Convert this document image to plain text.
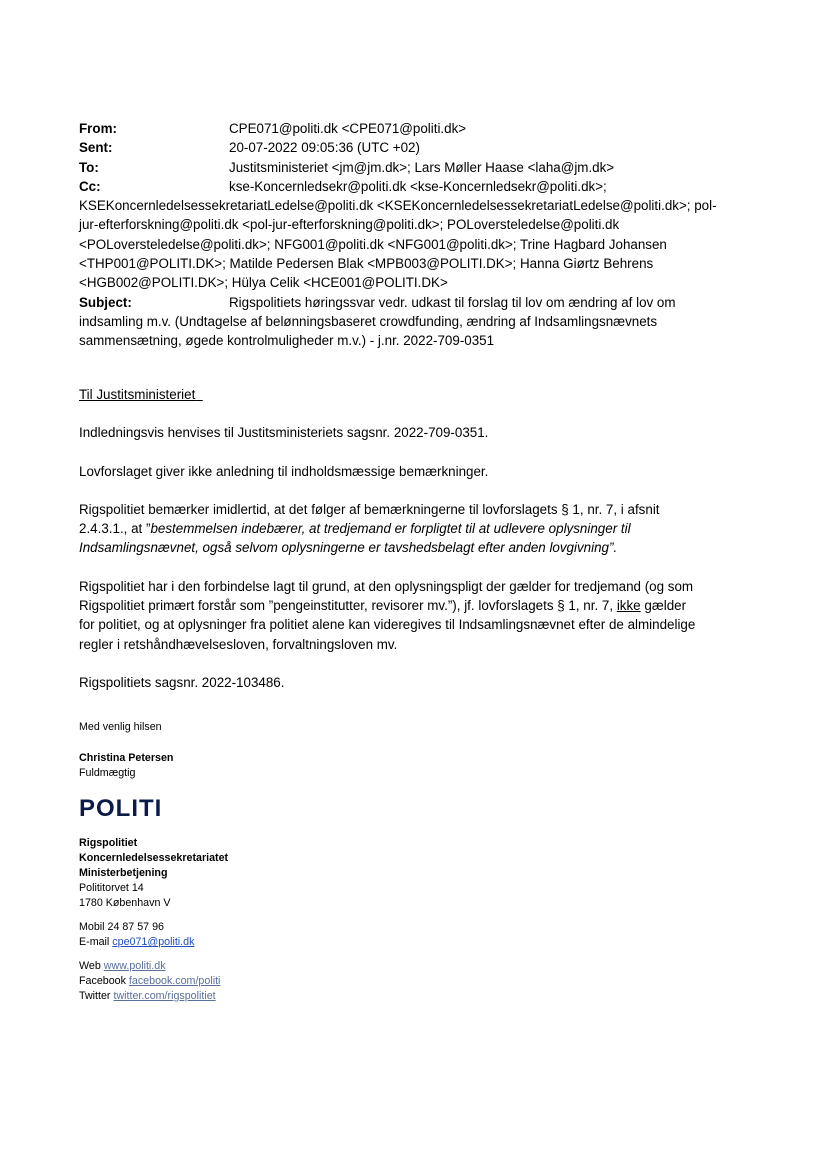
From:	CPE071@politi.dk <CPE071@politi.dk>
Sent:	20-07-2022 09:05:36 (UTC +02)
To:	Justitsministeriet <jm@jm.dk>; Lars Møller Haase <laha@jm.dk>
Cc:	kse-Koncernledsekr@politi.dk <kse-Koncernledsekr@politi.dk>;
KSEKoncernledelsessekretariatLedelse@politi.dk <KSEKoncernledelsessekretariatLedelse@politi.dk>; pol-
jur-efterforskning@politi.dk <pol-jur-efterforskning@politi.dk>; POLoversteledelse@politi.dk
<POLoversteledelse@politi.dk>; NFG001@politi.dk <NFG001@politi.dk>; Trine Hagbard Johansen
<THP001@POLITI.DK>; Matilde Pedersen Blak <MPB003@POLITI.DK>; Hanna Giørtz Behrens
<HGB002@POLITI.DK>; Hülya Celik <HCE001@POLITI.DK>
Subject:	Rigspolitiets høringssvar vedr. udkast til forslag til lov om ændring af lov om
indsamling m.v. (Undtagelse af belønningsbaseret crowdfunding, ændring af Indsamlingsnævnets
sammensætning, øgede kontrolmuligheder m.v.) - j.nr. 2022-709-0351

Til Justitsministeriet

Indledningsvis henvises til Justitsministeriets sagsnr. 2022-709-0351.

Lovforslaget giver ikke anledning til indholdsmæssige bemærkninger.

Rigspolitiet bemærker imidlertid, at det følger af bemærkningerne til lovforslagets § 1, nr. 7, i afsnit

2.4.3.1., at ”bestemmelsen indebærer, at tredjemand er forpligtet til at udlevere oplysninger til

Indsamlingsnævnet, også selvom oplysningerne er tavshedsbelagt efter anden lovgivning”.

Rigspolitiet har i den forbindelse lagt til grund, at den oplysningspligt der gælder for tredjemand (og som

Rigspolitiet primært forstår som ”pengeinstitutter, revisorer mv.”), jf. lovforslagets § 1, nr. 7, ikke gælder

for politiet, og at oplysninger fra politiet alene kan videregives til Indsamlingsnævnet efter de almindelige

regler i retshåndhævelsesloven, forvaltningsloven mv.

Rigspolitiets sagsnr. 2022-103486.

Med venlig hilsen
Christina Petersen
Fuldmægtig
POLITI
Rigspolitiet
Koncernledelsessekretariatet
Ministerbetjening
Polititorvet 14
1780 København V
Mobil 24 87 57 96
E-mail cpe071@politi.dk
Web www.politi.dk
Facebook facebook.com/politi
Twitter twitter.com/rigspolitiet
